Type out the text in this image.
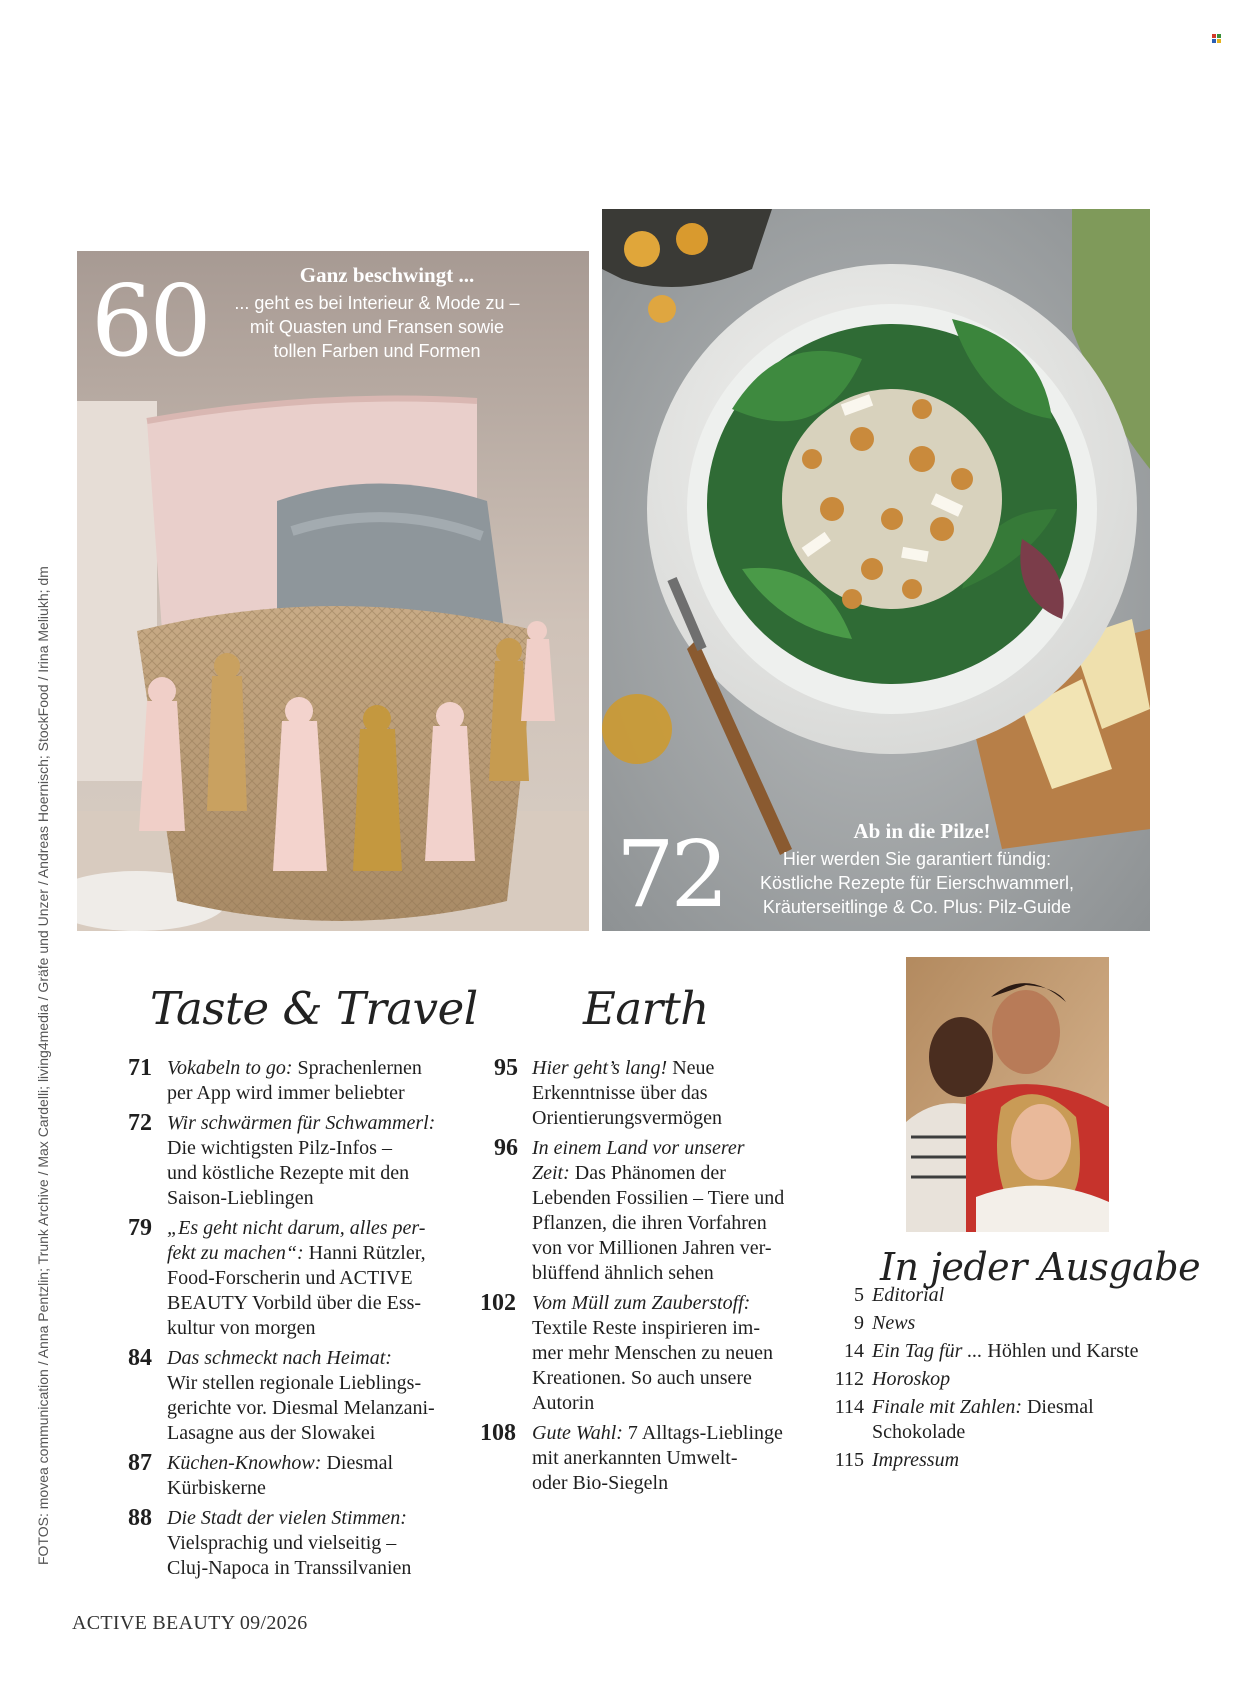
FOTOS: movea communication / Anna Pentzlin; Trunk Archive / Max Cardelli; living4media / Gräfe und Unzer / Andreas Hoernisch; StockFood / Irina Meliukh; dm
60	Ganz beschwingt ...
... geht es bei Interieur & Mode zu –
mit Quasten und Fransen sowie
tollen Farben und Formen
72	Ab in die Pilze!
Hier werden Sie garantiert fündig:
Köstliche Rezepte für Eierschwammerl,
Kräuterseitlinge & Co. Plus: Pilz-Guide
Taste & Travel Earth
In jeder Ausgabe
71 Vokabeln to go: Sprachenlernen
per App wird immer beliebter
72 Wir schwärmen für Schwammerl:
Die wichtigsten Pilz-Infos –
und köstliche Rezepte mit den
Saison-Lieblingen
79 „Es geht nicht darum, alles per-
fekt zu machen“: Hanni Rützler,
Food-Forscherin und ACTIVE
BEAUTY Vorbild über die Ess-
kultur von morgen
84 Das schmeckt nach Heimat:
Wir stellen regionale Lieblings-
gerichte vor. Diesmal Melanzani-
Lasagne aus der Slowakei
87 Küchen-Knowhow: Diesmal
Kürbiskerne
88 Die Stadt der vielen Stimmen:
Vielsprachig und vielseitig –
Cluj-Napoca in Transsilvanien
95 Hier geht’s lang! Neue
Erkenntnisse über das
Orientierungsvermögen
96 In einem Land vor unserer
Zeit: Das Phänomen der
Lebenden Fossilien – Tiere und
Pflanzen, die ihren Vorfahren
von vor Millionen Jahren ver-
blüffend ähnlich sehen
102 Vom Müll zum Zauberstoff:
Textile Reste inspirieren im-
mer mehr Menschen zu neuen
Kreationen. So auch unsere
Autorin
108 Gute Wahl: 7 Alltags-Lieblinge
mit anerkannten Umwelt-
oder Bio-Siegeln
5 Editorial
9 News
14 Ein Tag für ... Höhlen und Karste
112 Horoskop
114 Finale mit Zahlen: Diesmal
Schokolade
115 Impressum
ACTIVE BEAUTY 09/2026
